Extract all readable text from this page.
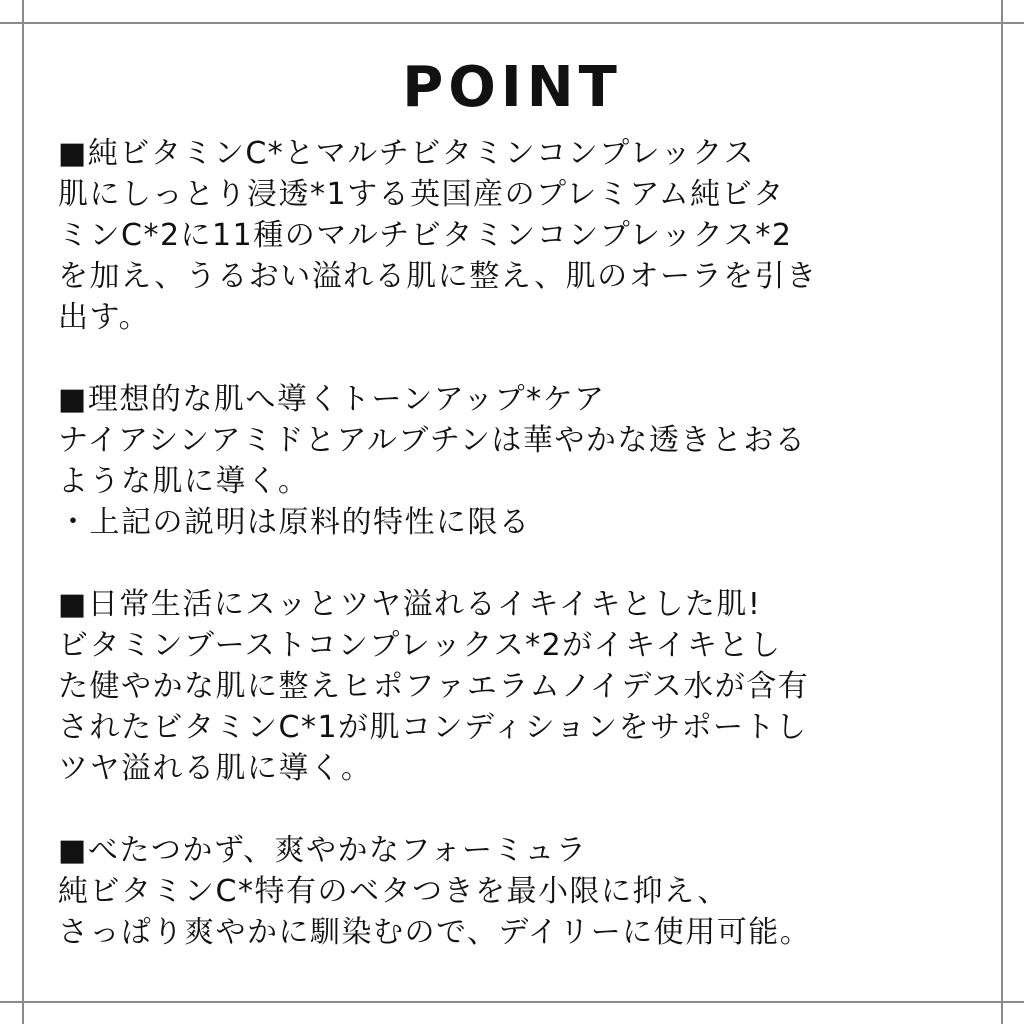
POINT
■純ビタミンC*とマルチビタミンコンプレックス
肌にしっとり浸透*1する英国産のプレミアム純ビタ
ミンC*2に11種のマルチビタミンコンプレックス*2
を加え、うるおい溢れる肌に整え、肌のオーラを引き
出す。
■理想的な肌へ導くトーンアップ*ケア
ナイアシンアミドとアルブチンは華やかな透きとおる
ような肌に導く。
・上記の説明は原料的特性に限る
■日常生活にスッとツヤ溢れるイキイキとした肌!
ビタミンブーストコンプレックス*2がイキイキとし
た健やかな肌に整えヒポファエラムノイデス水が含有
されたビタミンC*1が肌コンディションをサポートし
ツヤ溢れる肌に導く。
■べたつかず、爽やかなフォーミュラ
純ビタミンC*特有のベタつきを最小限に抑え、
さっぱり爽やかに馴染むので、デイリーに使用可能。
